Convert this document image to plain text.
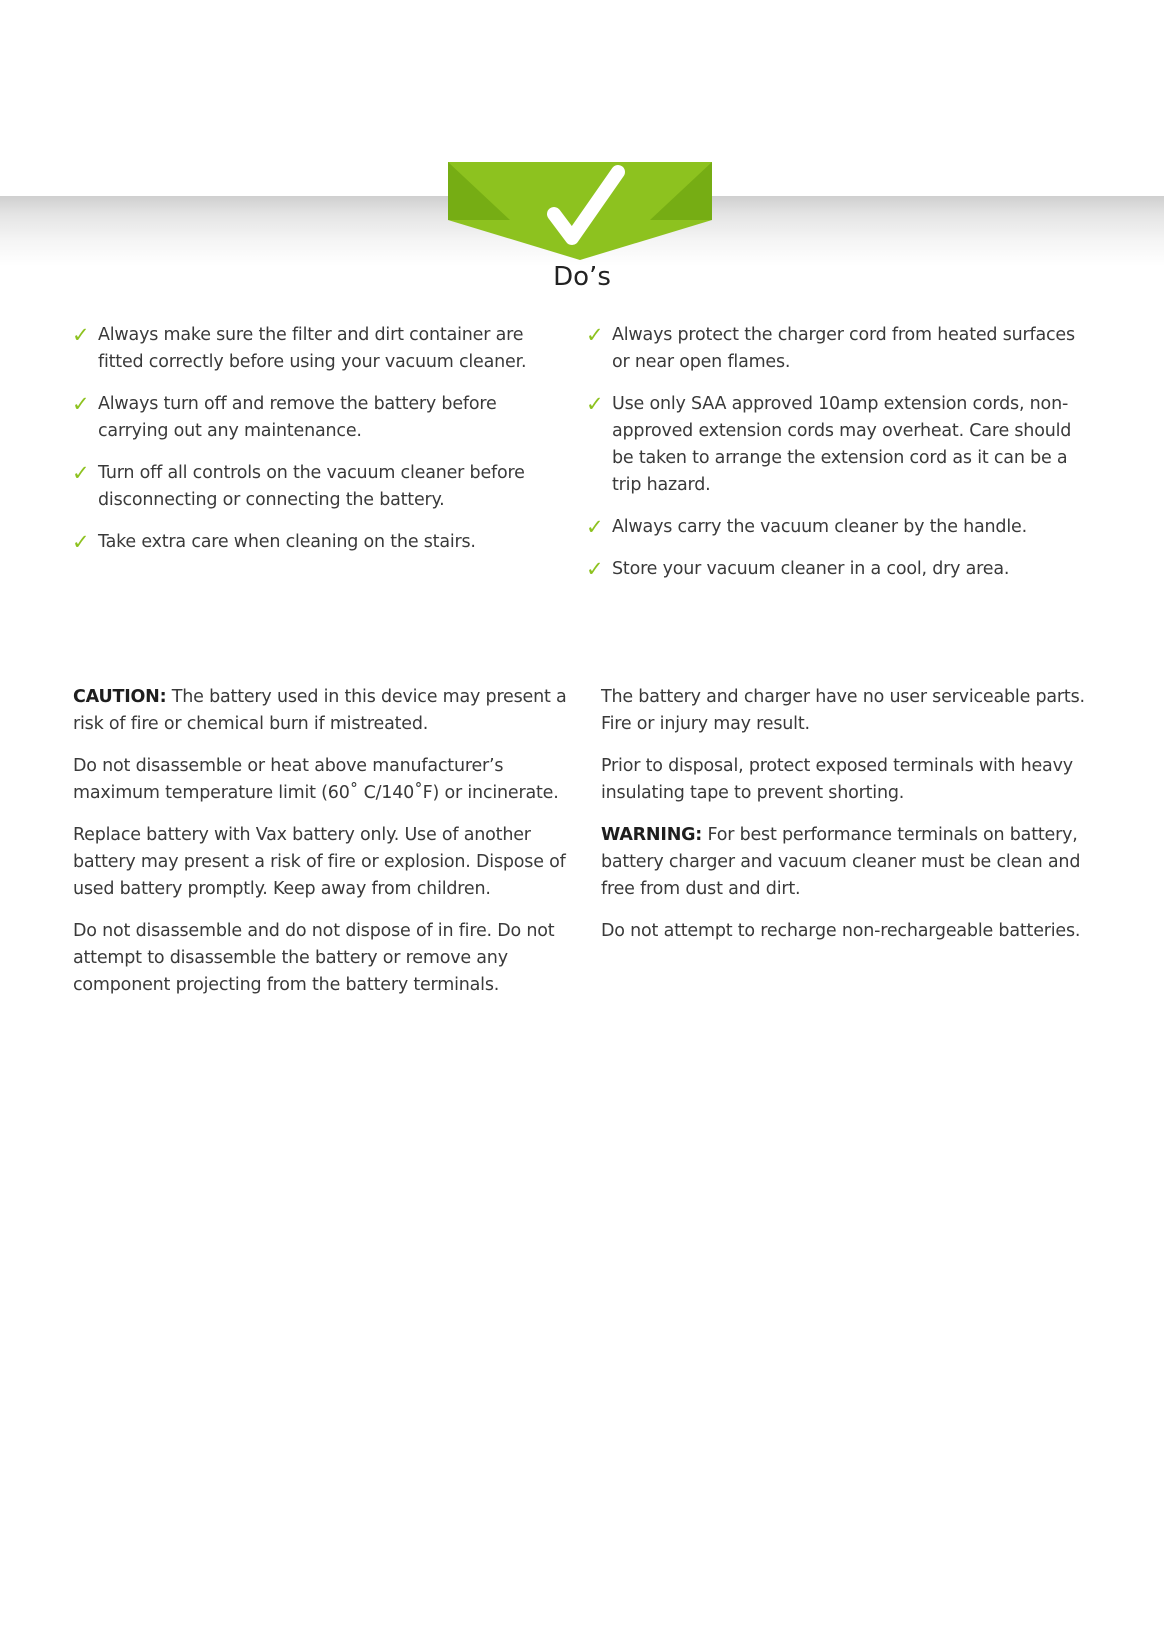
Do’s
✓ Always make sure the filter and dirt container are fitted correctly before using your vacuum cleaner.
✓ Always turn off and remove the battery before carrying out any maintenance.
✓ Turn off all controls on the vacuum cleaner before disconnecting or connecting the battery.
✓ Take extra care when cleaning on the stairs.
✓ Always protect the charger cord from heated surfaces or near open flames.
✓ Use only SAA approved 10amp extension cords, non-approved extension cords may overheat. Care should be taken to arrange the extension cord as it can be a trip hazard.
✓ Always carry the vacuum cleaner by the handle.
✓ Store your vacuum cleaner in a cool, dry area.

CAUTION: The battery used in this device may present a risk of fire or chemical burn if mistreated.

Do not disassemble or heat above manufacturer’s maximum temperature limit (60˚ C/140˚F) or incinerate.

Replace battery with Vax battery only. Use of another battery may present a risk of fire or explosion. Dispose of used battery promptly. Keep away from children.

Do not disassemble and do not dispose of in fire. Do not attempt to disassemble the battery or remove any component projecting from the battery terminals.

The battery and charger have no user serviceable parts. Fire or injury may result.

Prior to disposal, protect exposed terminals with heavy insulating tape to prevent shorting.

WARNING: For best performance terminals on battery, battery charger and vacuum cleaner must be clean and free from dust and dirt.

Do not attempt to recharge non-rechargeable batteries.
